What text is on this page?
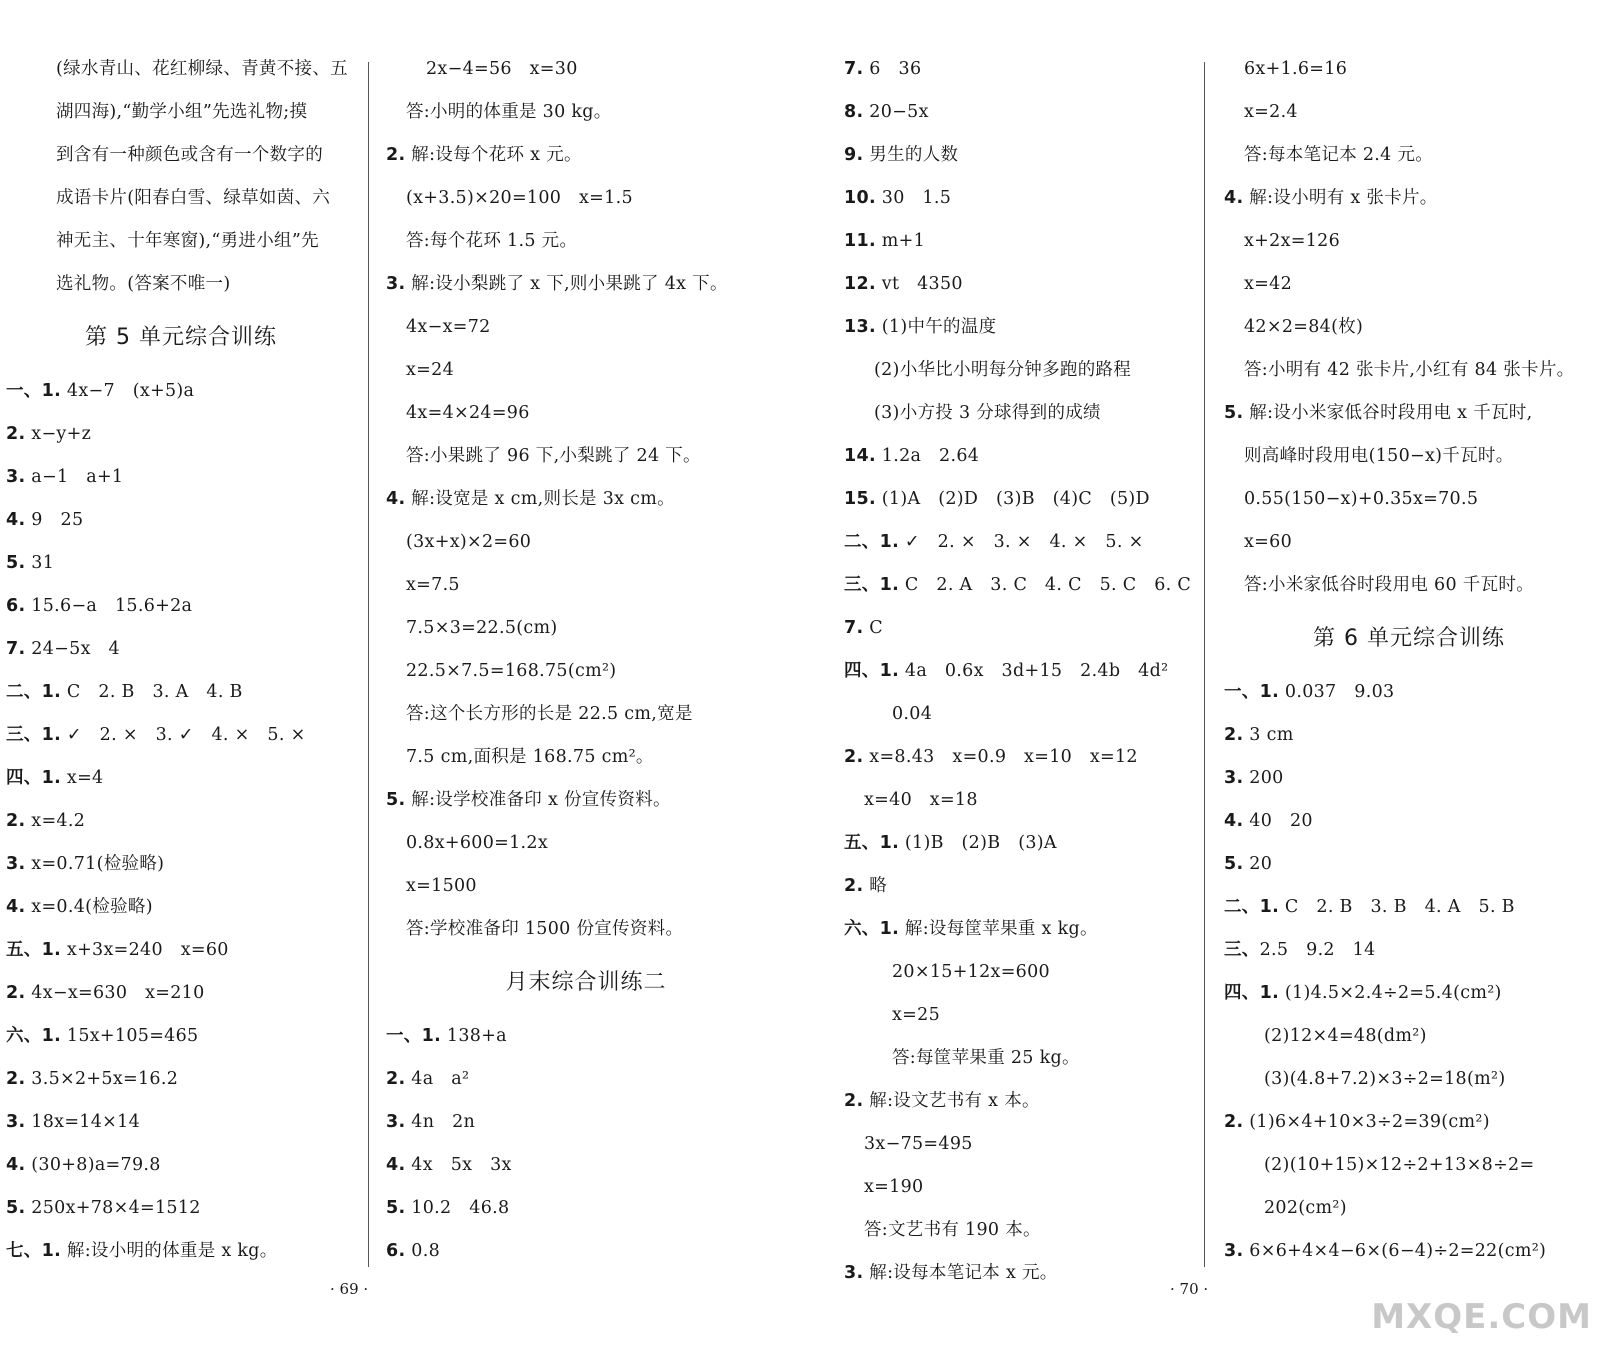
(绿水青山、花红柳绿、青黄不接、五
湖四海),“勤学小组”先选礼物;摸
到含有一种颜色或含有一个数字的
成语卡片(阳春白雪、绿草如茵、六
神无主、十年寒窗),“勇进小组”先
选礼物。(答案不唯一)
第 5 单元综合训练
一、1. 4x−7　(x+5)a
2. x−y+z
3. a−1　a+1
4. 9　25
5. 31
6. 15.6−a　15.6+2a
7. 24−5x　4
二、1. C　2. B　3. A　4. B
三、1. ✓　2. ×　3. ✓　4. ×　5. ×
四、1. x=4
2. x=4.2
3. x=0.71(检验略)
4. x=0.4(检验略)
五、1. x+3x=240　x=60
2. 4x−x=630　x=210
六、1. 15x+105=465
2. 3.5×2+5x=16.2
3. 18x=14×14
4. (30+8)a=79.8
5. 250x+78×4=1512
七、1. 解:设小明的体重是 x kg。
2x−4=56　x=30
答:小明的体重是 30 kg。
2. 解:设每个花环 x 元。
(x+3.5)×20=100　x=1.5
答:每个花环 1.5 元。
3. 解:设小梨跳了 x 下,则小果跳了 4x 下。
4x−x=72
x=24
4x=4×24=96
答:小果跳了 96 下,小梨跳了 24 下。
4. 解:设宽是 x cm,则长是 3x cm。
(3x+x)×2=60
x=7.5
7.5×3=22.5(cm)
22.5×7.5=168.75(cm²)
答:这个长方形的长是 22.5 cm,宽是
7.5 cm,面积是 168.75 cm²。
5. 解:设学校准备印 x 份宣传资料。
0.8x+600=1.2x
x=1500
答:学校准备印 1500 份宣传资料。
月末综合训练二
一、1. 138+a
2. 4a　a²
3. 4n　2n
4. 4x　5x　3x
5. 10.2　46.8
6. 0.8
7. 6　36
8. 20−5x
9. 男生的人数
10. 30　1.5
11. m+1
12. vt　4350
13. (1)中午的温度
(2)小华比小明每分钟多跑的路程
(3)小方投 3 分球得到的成绩
14. 1.2a　2.64
15. (1)A　(2)D　(3)B　(4)C　(5)D
二、1. ✓　2. ×　3. ×　4. ×　5. ×
三、1. C　2. A　3. C　4. C　5. C　6. C
7. C
四、1. 4a　0.6x　3d+15　2.4b　4d²
0.04
2. x=8.43　x=0.9　x=10　x=12
x=40　x=18
五、1. (1)B　(2)B　(3)A
2. 略
六、1. 解:设每筐苹果重 x kg。
20×15+12x=600
x=25
答:每筐苹果重 25 kg。
2. 解:设文艺书有 x 本。
3x−75=495
x=190
答:文艺书有 190 本。
3. 解:设每本笔记本 x 元。
6x+1.6=16
x=2.4
答:每本笔记本 2.4 元。
4. 解:设小明有 x 张卡片。
x+2x=126
x=42
42×2=84(枚)
答:小明有 42 张卡片,小红有 84 张卡片。
5. 解:设小米家低谷时段用电 x 千瓦时,
则高峰时段用电(150−x)千瓦时。
0.55(150−x)+0.35x=70.5
x=60
答:小米家低谷时段用电 60 千瓦时。
第 6 单元综合训练
一、1. 0.037　9.03
2. 3 cm
3. 200
4. 40　20
5. 20
二、1. C　2. B　3. B　4. A　5. B
三、2.5　9.2　14
四、1. (1)4.5×2.4÷2=5.4(cm²)
(2)12×4=48(dm²)
(3)(4.8+7.2)×3÷2=18(m²)
2. (1)6×4+10×3÷2=39(cm²)
(2)(10+15)×12÷2+13×8÷2=
202(cm²)
3. 6×6+4×4−6×(6−4)÷2=22(cm²)
· 69 ·	· 70 ·
MXQE.COM
